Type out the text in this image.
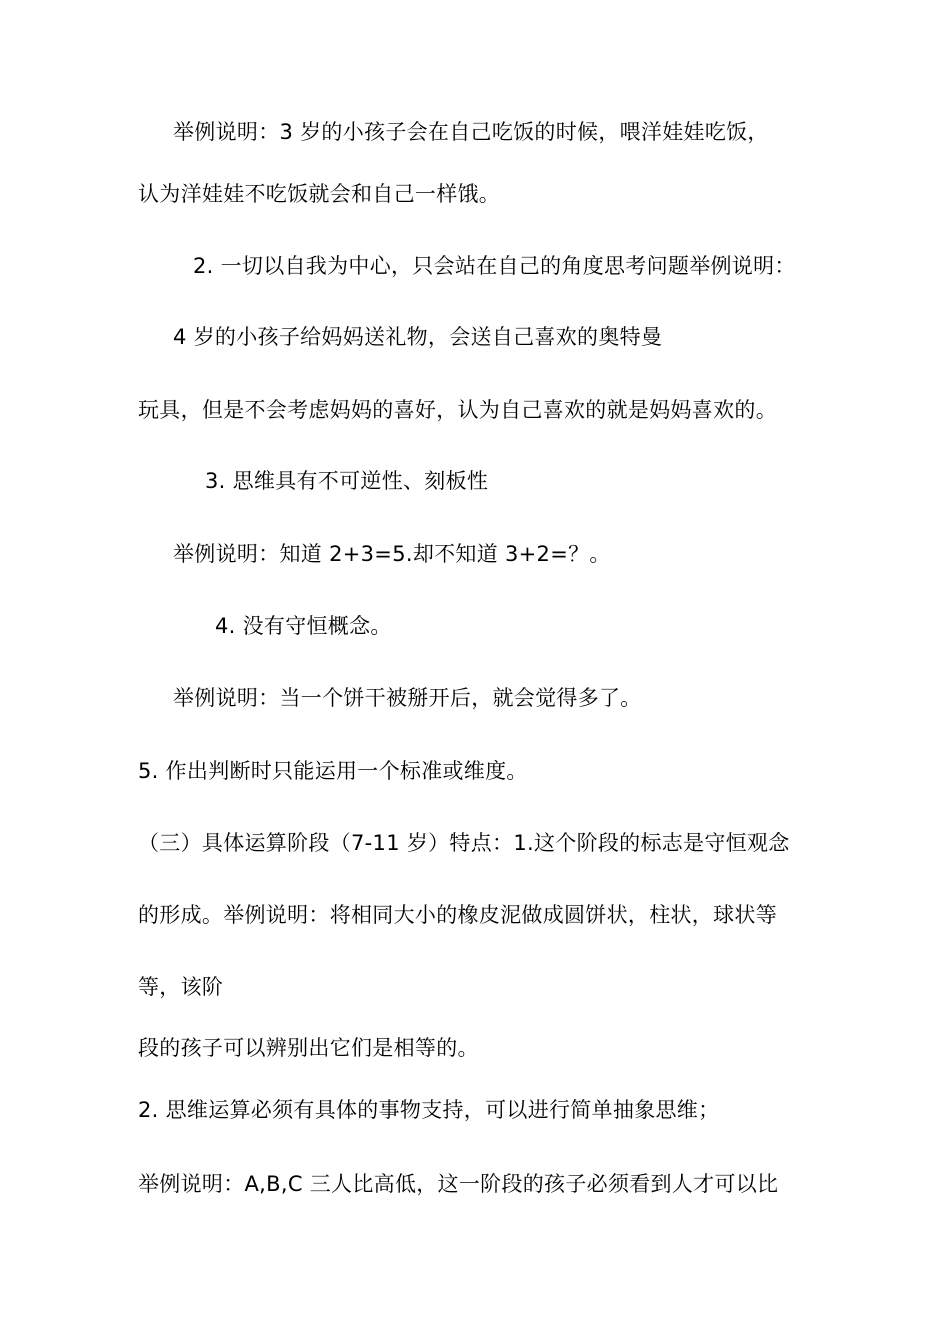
举例说明：3 岁的小孩子会在自己吃饭的时候，喂洋娃娃吃饭，
认为洋娃娃不吃饭就会和自己一样饿。
2. 一切以自我为中心，只会站在自己的角度思考问题举例说明：
4 岁的小孩子给妈妈送礼物，会送自己喜欢的奥特曼
玩具，但是不会考虑妈妈的喜好，认为自己喜欢的就是妈妈喜欢的。
3. 思维具有不可逆性、刻板性
举例说明：知道 2+3=5.却不知道 3+2=？。
4. 没有守恒概念。
举例说明：当一个饼干被掰开后，就会觉得多了。
5. 作出判断时只能运用一个标准或维度。
（三）具体运算阶段（7-11 岁）特点：1.这个阶段的标志是守恒观念
的形成。举例说明：将相同大小的橡皮泥做成圆饼状，柱状，球状等
等，该阶
段的孩子可以辨别出它们是相等的。
2. 思维运算必须有具体的事物支持，可以进行简单抽象思维；
举例说明：A,B,C 三人比高低，这一阶段的孩子必须看到人才可以比
